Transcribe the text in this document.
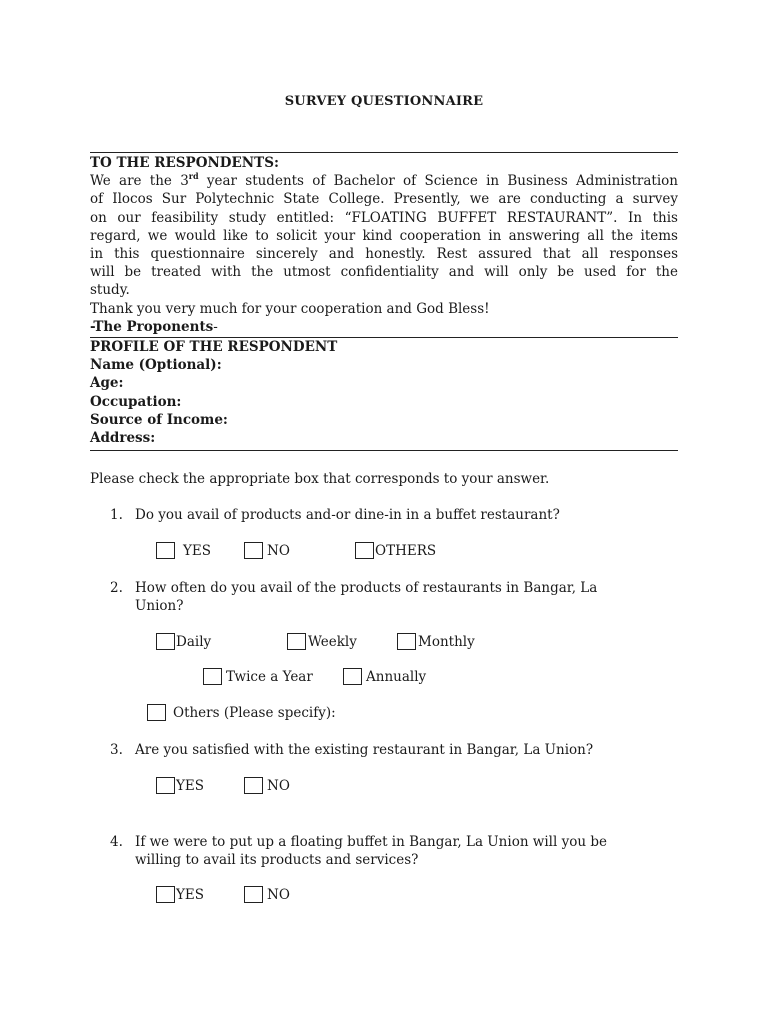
SURVEY QUESTIONNAIRE
TO THE RESPONDENTS:
We are the 3rd year students of Bachelor of Science in Business Administration
of Ilocos Sur Polytechnic State College. Presently, we are conducting a survey
on our feasibility study entitled: “FLOATING BUFFET RESTAURANT”. In this
regard, we would like to solicit your kind cooperation in answering all the items
in this questionnaire sincerely and honestly. Rest assured that all responses
will be treated with the utmost confidentiality and will only be used for the
study.
Thank you very much for your cooperation and God Bless!
-The Proponents-
PROFILE OF THE RESPONDENT
Name (Optional):
Age:
Occupation:
Source of Income:
Address:
Please check the appropriate box that corresponds to your answer.
1. Do you avail of products and-or dine-in in a buffet restaurant?
YES	NO	OTHERS
2. How often do you avail of the products of restaurants in Bangar, La
Union?
Daily	Weekly	Monthly
Twice a Year	Annually
Others (Please specify):
3. Are you satisfied with the existing restaurant in Bangar, La Union?
YES	NO
4. If we were to put up a floating buffet in Bangar, La Union will you be
willing to avail its products and services?
YES	NO
